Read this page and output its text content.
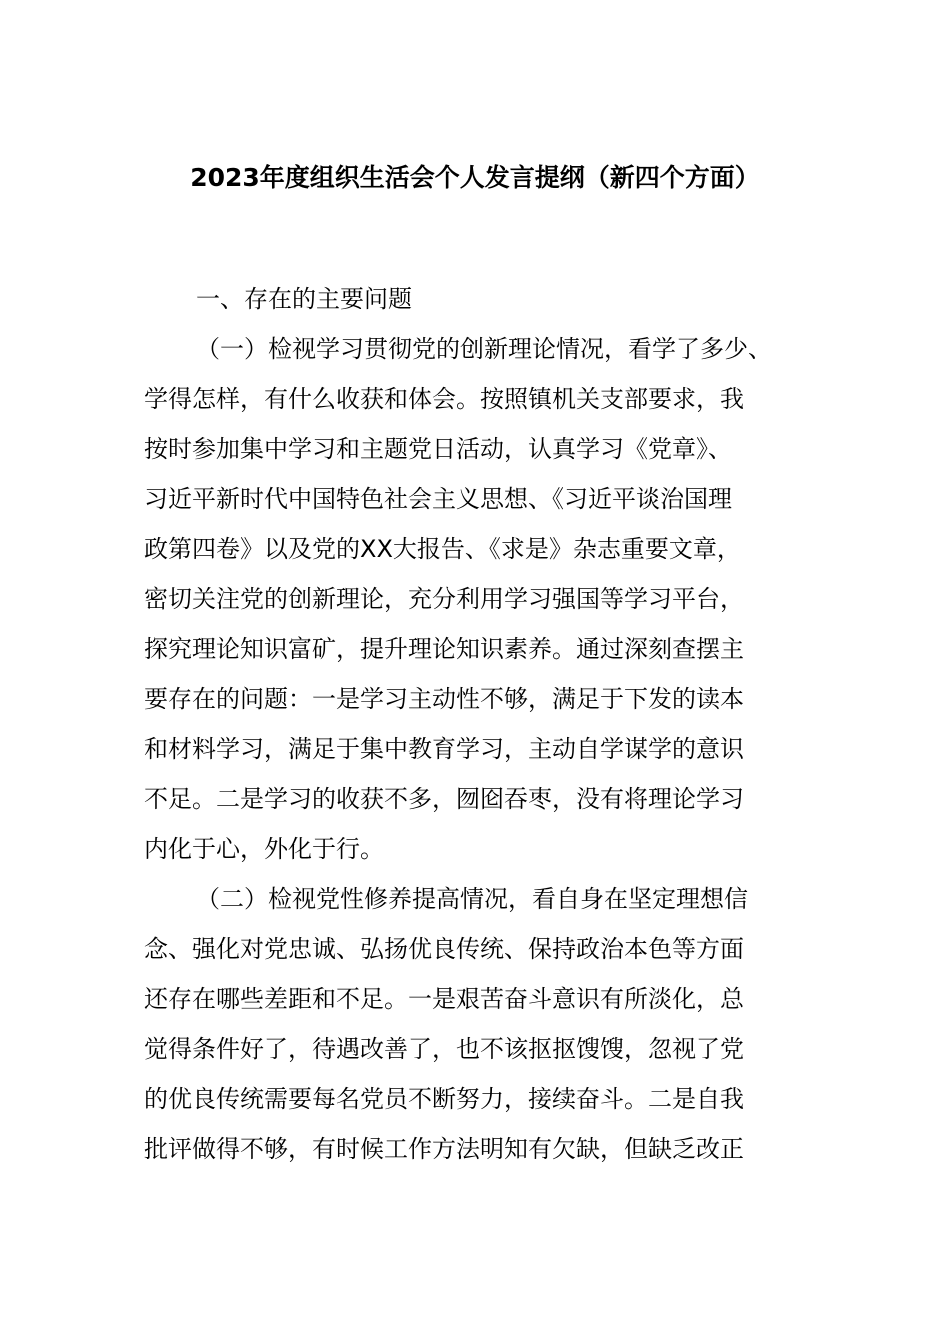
2023年度组织生活会个人发言提纲（新四个方面）
一、存在的主要问题
（一）检视学习贯彻党的创新理论情况，看学了多少、
学得怎样，有什么收获和体会。按照镇机关支部要求，我
按时参加集中学习和主题党日活动，认真学习《党章》、
习近平新时代中国特色社会主义思想、《习近平谈治国理
政第四卷》以及党的XX大报告、《求是》杂志重要文章，
密切关注党的创新理论，充分利用学习强国等学习平台，
探究理论知识富矿，提升理论知识素养。通过深刻查摆主
要存在的问题：一是学习主动性不够，满足于下发的读本
和材料学习，满足于集中教育学习，主动自学谋学的意识
不足。二是学习的收获不多，囫囵吞枣，没有将理论学习
内化于心，外化于行。
（二）检视党性修养提高情况，看自身在坚定理想信
念、强化对党忠诚、弘扬优良传统、保持政治本色等方面
还存在哪些差距和不足。一是艰苦奋斗意识有所淡化，总
觉得条件好了，待遇改善了，也不该抠抠馊馊，忽视了党
的优良传统需要每名党员不断努力，接续奋斗。二是自我
批评做得不够，有时候工作方法明知有欠缺，但缺乏改正
